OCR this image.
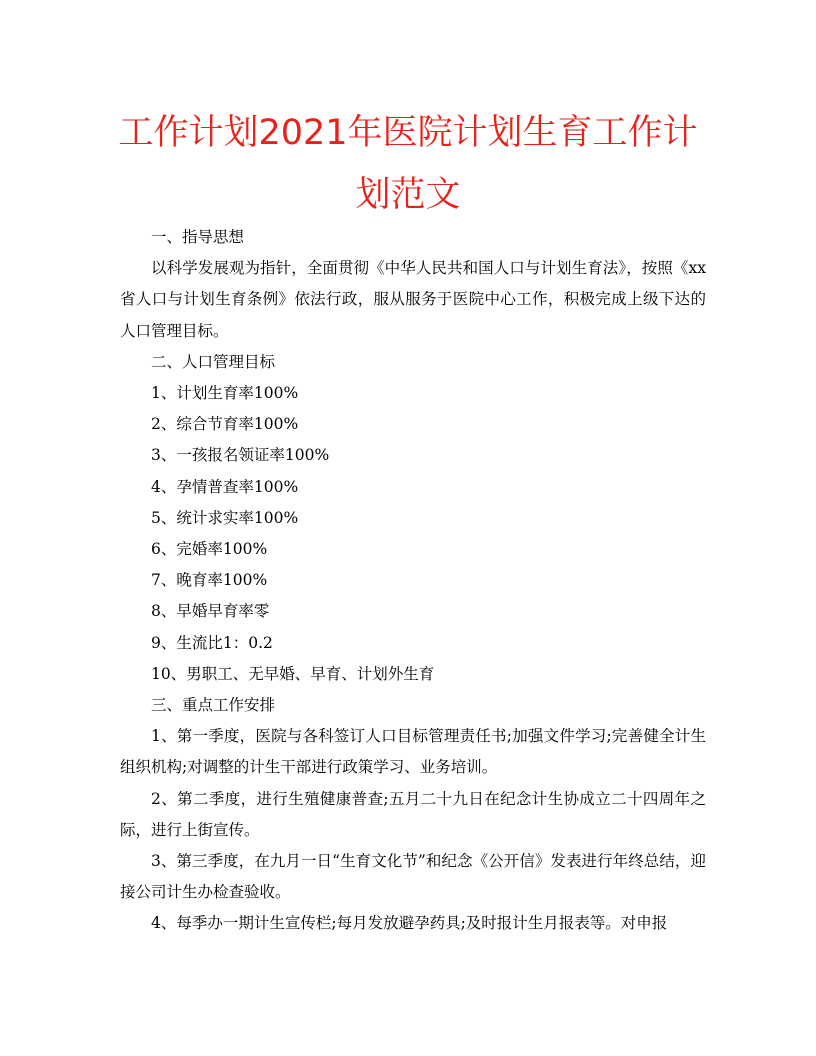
工作计划2021年医院计划生育工作计划范文

一、指导思想

以科学发展观为指针，全面贯彻《中华人民共和国人口与计划生育法》，按照《xx省人口与计划生育条例》依法行政，服从服务于医院中心工作，积极完成上级下达的人口管理目标。

二、人口管理目标

1、计划生育率100%

2、综合节育率100%

3、一孩报名领证率100%

4、孕情普查率100%

5、统计求实率100%

6、完婚率100%

7、晚育率100%

8、早婚早育率零

9、生流比1：0.2

10、男职工、无早婚、早育、计划外生育

三、重点工作安排

1、第一季度，医院与各科签订人口目标管理责任书;加强文件学习;完善健全计生组织机构;对调整的计生干部进行政策学习、业务培训。

2、第二季度，进行生殖健康普查;五月二十九日在纪念计生协成立二十四周年之际，进行上街宣传。

3、第三季度，在九月一日“生育文化节”和纪念《公开信》发表进行年终总结，迎接公司计生办检查验收。

4、每季办一期计生宣传栏;每月发放避孕药具;及时报计生月报表等。对申报
